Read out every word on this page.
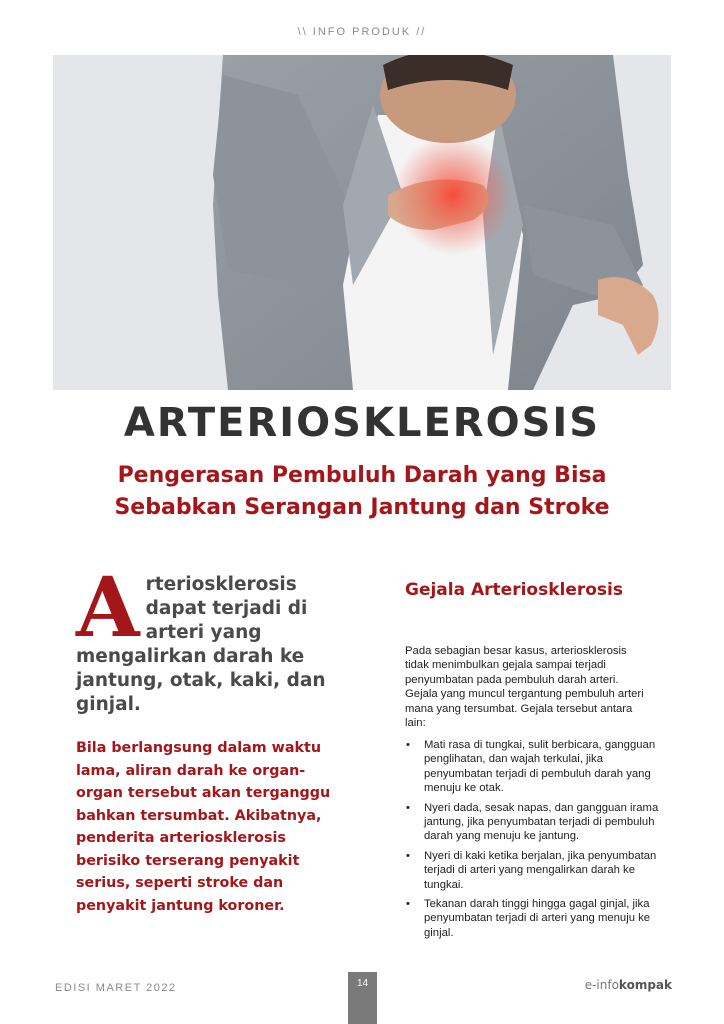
\\ INFO PRODUK //
ARTERIOSKLEROSIS
Pengerasan Pembuluh Darah yang Bisa Sebabkan Serangan Jantung dan Stroke
Arteriosklerosis dapat terjadi di arteri yang mengalirkan darah ke jantung, otak, kaki, dan ginjal.
Bila berlangsung dalam waktu lama, aliran darah ke organ-organ tersebut akan terganggu bahkan tersumbat. Akibatnya, penderita arteriosklerosis berisiko terserang penyakit serius, seperti stroke dan penyakit jantung koroner.
Gejala Arteriosklerosis
Pada sebagian besar kasus, arteriosklerosis tidak menimbulkan gejala sampai terjadi penyumbatan pada pembuluh darah arteri. Gejala yang muncul tergantung pembuluh arteri mana yang tersumbat. Gejala tersebut antara lain:
• Mati rasa di tungkai, sulit berbicara, gangguan penglihatan, dan wajah terkulai, jika penyumbatan terjadi di pembuluh darah yang menuju ke otak.
• Nyeri dada, sesak napas, dan gangguan irama jantung, jika penyumbatan terjadi di pembuluh darah yang menuju ke jantung.
• Nyeri di kaki ketika berjalan, jika penyumbatan terjadi di arteri yang mengalirkan darah ke tungkai.
• Tekanan darah tinggi hingga gagal ginjal, jika penyumbatan terjadi di arteri yang menuju ke ginjal.
EDISI MARET 2022	14	e-infokompak
